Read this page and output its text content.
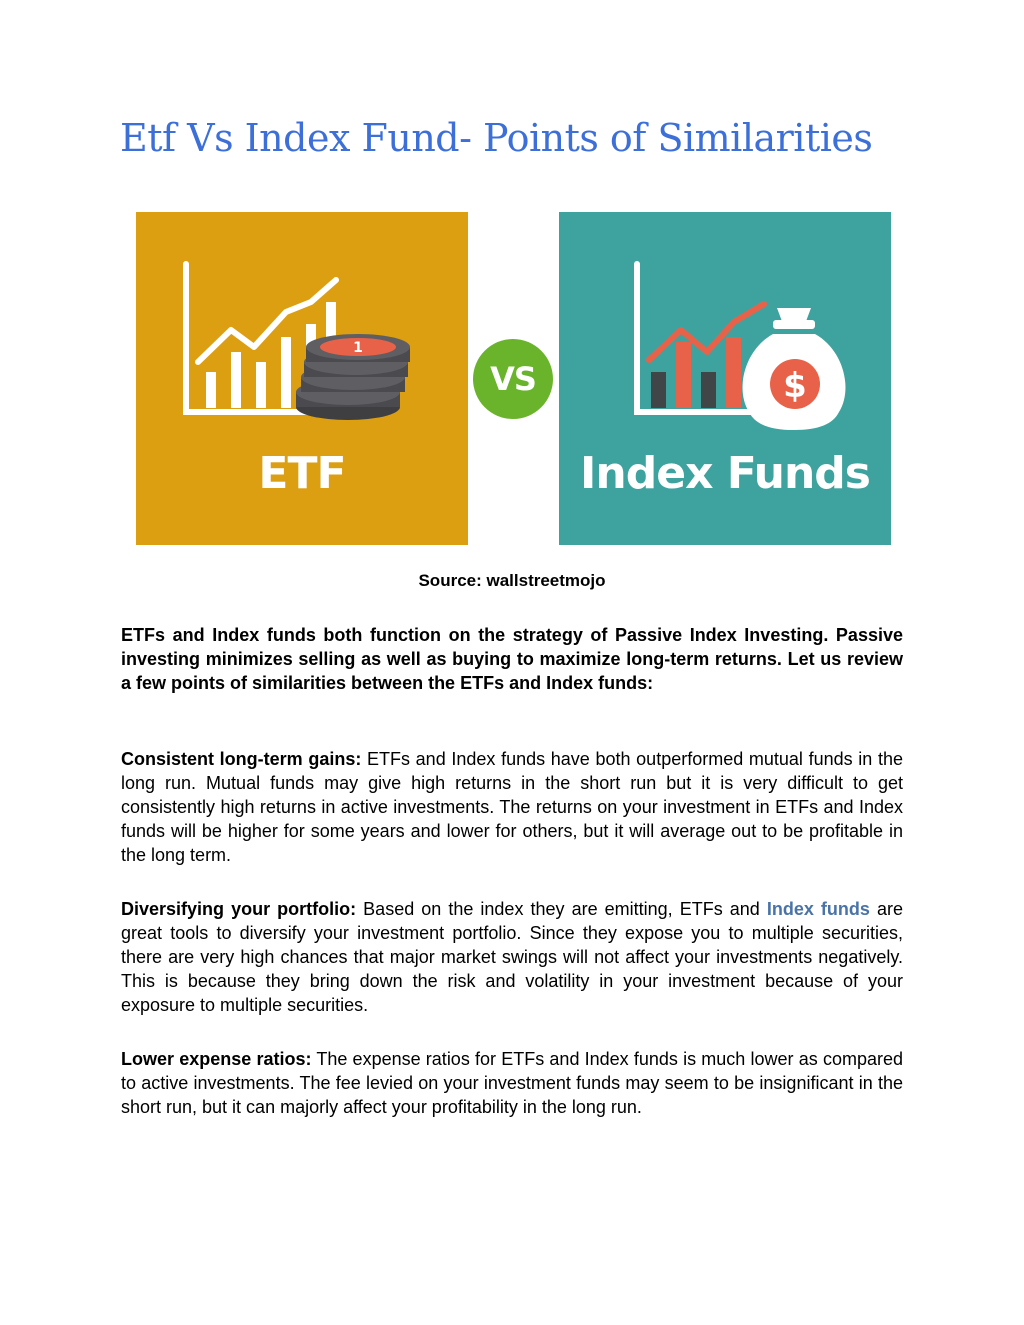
Etf Vs Index Fund- Points of Similarities
1
ETF
VS	$
Index Funds
Source: wallstreetmojo

ETFs and Index funds both function on the strategy of Passive Index Investing. Passive investing minimizes selling as well as buying to maximize long-term returns. Let us review a few points of similarities between the ETFs and Index funds:

Consistent long-term gains: ETFs and Index funds have both outperformed mutual funds in the long run. Mutual funds may give high returns in the short run but it is very difficult to get consistently high returns in active investments. The returns on your investment in ETFs and Index funds will be higher for some years and lower for others, but it will average out to be profitable in the long term.

Diversifying your portfolio: Based on the index they are emitting, ETFs and Index funds are great tools to diversify your investment portfolio. Since they expose you to multiple securities, there are very high chances that major market swings will not affect your investments negatively. This is because they bring down the risk and volatility in your investment because of your exposure to multiple securities.

Lower expense ratios: The expense ratios for ETFs and Index funds is much lower as compared to active investments. The fee levied on your investment funds may seem to be insignificant in the short run, but it can majorly affect your profitability in the long run.
